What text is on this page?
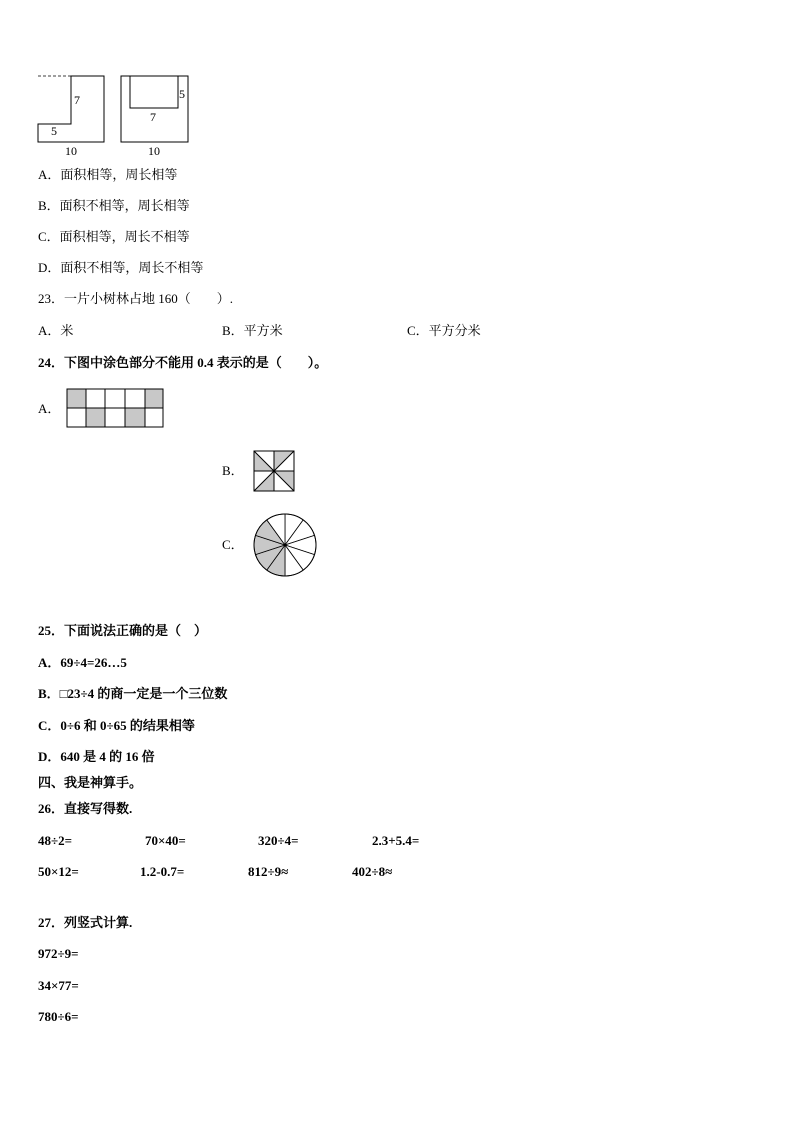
7
5
10
5
7
10
A．面积相等，周长相等
B．面积不相等，周长相等
C．面积相等，周长不相等
D．面积不相等，周长不相等
23．一片小树林占地 160（　　）.
A．米	B．平方米	C．平方分米
24．下图中涂色部分不能用 0.4 表示的是（　　）。
A．
B．
C．
25．下面说法正确的是（　）
A．69÷4=26…5
B．□23÷4 的商一定是一个三位数
C．0÷6 和 0÷65 的结果相等
D．640 是 4 的 16 倍
四、我是神算手。
26．直接写得数.
48÷2=	70×40=	320÷4=	2.3+5.4=
50×12=	1.2-0.7=	812÷9≈	402÷8≈
27．列竖式计算.
972÷9=
34×77=
780÷6=
